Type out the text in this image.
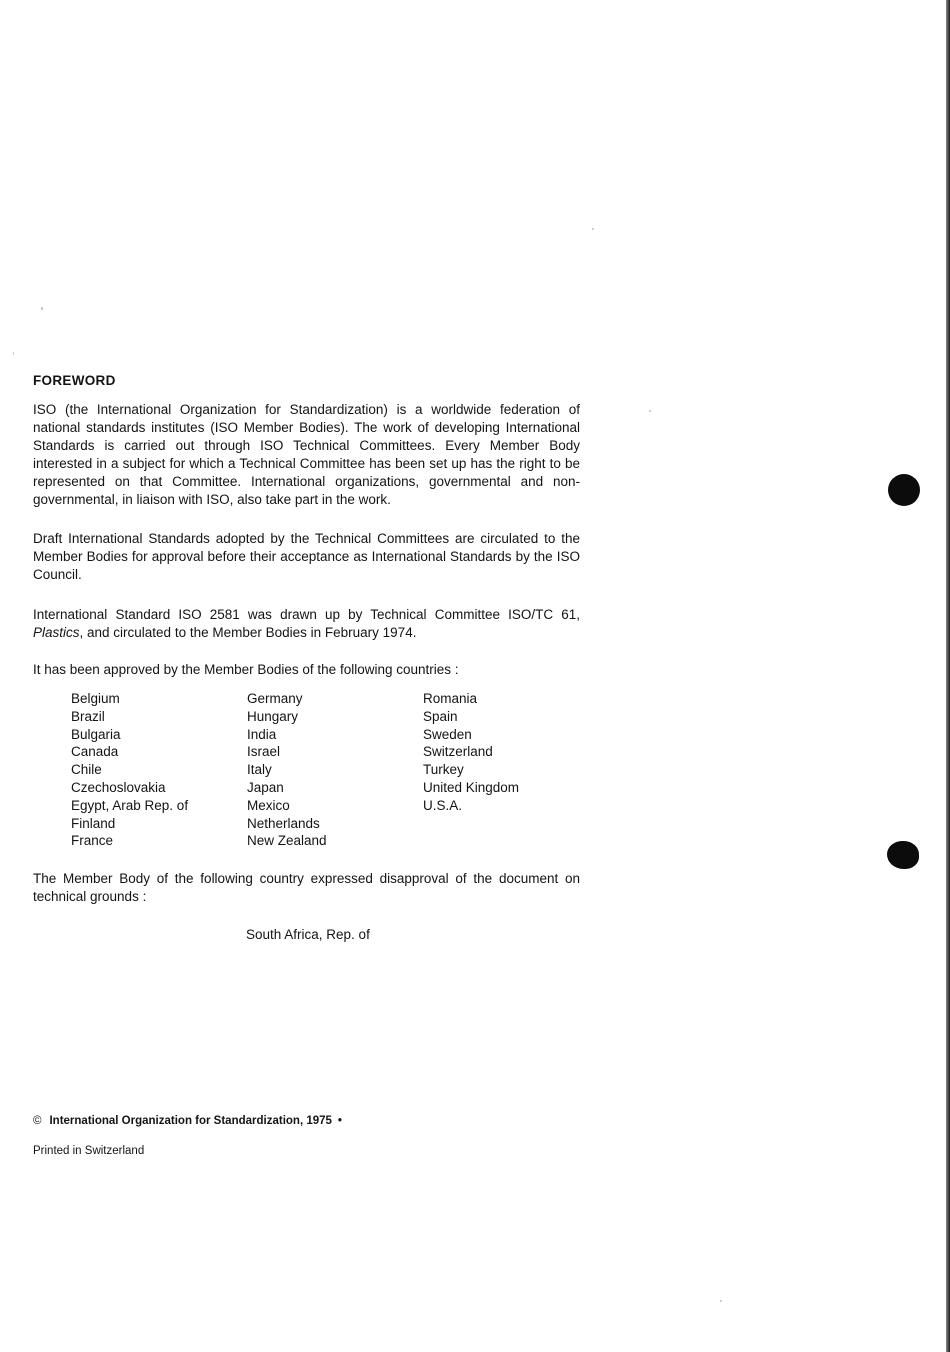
FOREWORD

ISO (the International Organization for Standardization) is a worldwide federation of national standards institutes (ISO Member Bodies). The work of developing International Standards is carried out through ISO Technical Committees. Every Member Body interested in a subject for which a Technical Committee has been set up has the right to be represented on that Committee. International organizations, governmental and non-governmental, in liaison with ISO, also take part in the work.

Draft International Standards adopted by the Technical Committees are circulated to the Member Bodies for approval before their acceptance as International Standards by the ISO Council.

International Standard ISO 2581 was drawn up by Technical Committee ISO/TC 61, Plastics, and circulated to the Member Bodies in February 1974.

It has been approved by the Member Bodies of the following countries :

Belgium
Brazil
Bulgaria
Canada
Chile
Czechoslovakia
Egypt, Arab Rep. of
Finland
France
Germany
Hungary
India
Israel
Italy
Japan
Mexico
Netherlands
New Zealand
Romania
Spain
Sweden
Switzerland
Turkey
United Kingdom
U.S.A.

The Member Body of the following country expressed disapproval of the document on technical grounds :

South Africa, Rep. of
© International Organization for Standardization, 1975 •
Printed in Switzerland
